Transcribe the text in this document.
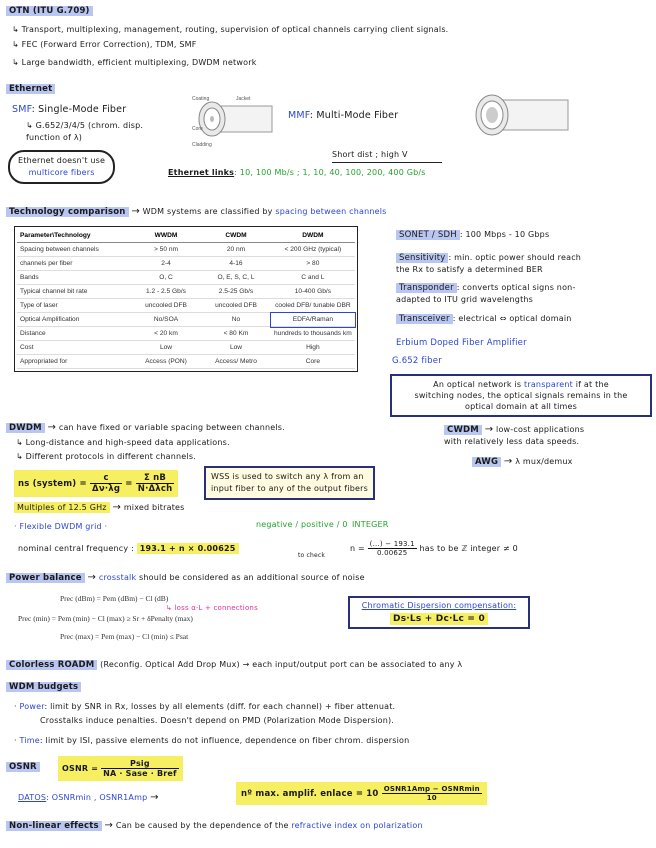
OTN (ITU G.709)
↳ Transport, multiplexing, management, routing, supervision of optical channels carrying client signals.
↳ FEC (Forward Error Correction), TDM, SMF
↳ Large bandwidth, efficient multiplexing, DWDM network
Ethernet
SMF: Single-Mode Fiber
↳ G.652/3/4/5 (chrom. disp. function of λ)
Jacket
Coating
Core
Cladding
MMF: Multi-Mode Fiber
Ethernet doesn't use
multicore fibers
Short dist ; high V
Ethernet links: 10, 100 Mb/s ; 1, 10, 40, 100, 200, 400 Gb/s
Technology comparison → WDM systems are classified by spacing between channels
Parameter\Technology	WWDM	CWDM	DWDM
Spacing between channels	> 50 nm	20 nm	< 200 GHz (typical)
channels per fiber	2-4	4-16	> 80
Bands	O, C	O, E, S, C, L	C and L
Typical channel bit rate	1.2 - 2.5 Gb/s	2.5-25 Gb/s	10-400 Gb/s
Type of laser	uncooled DFB	uncooled DFB	cooled DFB/ tunable DBR
Optical Amplification	No/SOA	No	EDFA/Raman
Distance	< 20 km	< 80 Km	hundreds to thousands km
Cost	Low	Low	High
Appropriated for	Access (PON)	Access/ Metro	Core
SONET / SDH : 100 Mbps - 10 Gbps
Sensitivity : min. optic power should reach
the Rx to satisfy a determined BER
Transponder : converts optical signs non-
adapted to ITU grid wavelengths
Transceiver : electrical ⇔ optical domain
Erbium Doped Fiber Amplifier
G.652 fiber
An optical network is transparent if at the
switching nodes, the optical signals remains in the
optical domain at all times
DWDM → can have fixed or variable spacing between channels.
↳ Long-distance and high-speed data applications.
↳ Different protocols in different channels.
CWDM → low-cost applications
with relatively less data speeds.
AWG → λ mux/demux
ns (system) = $\frac{c}{\Delta\nu\cdot\lambda g} = \frac{\text{Σ nB}}{\text{N·Δλch}}$	WSS is used to switch any λ from an
input fiber to any of the output fibers
Multiples of 12.5 GHz → mixed bitrates
· Flexible DWDM grid ·	negative / positive / 0 INTEGER
nominal central frequency : 193.1 + n × 0.00625
to check
$n = \frac{(...) - 193.1}{0.00625}$ has to be ℤ integer ≠ 0
Power balance → crosstalk should be considered as an additional source of noise
Prec (dBm) = Pem (dBm) − Cl (dB)
↳ loss α·L + connections
Prec (min) = Pem (min) − Cl (max) ≥ Sr + δPenalty (max)
Prec (max) = Pem (max) − Cl (min) ≤ Psat
Chromatic Dispersion compensation:
Ds·Ls + Dc·Lc = 0
Colorless ROADM (Reconfig. Optical Add Drop Mux) → each input/output port can be associated to any λ
WDM budgets
· Power: limit by SNR in Rx, losses by all elements (diff. for each channel) + fiber attenuat.
Crosstalks induce penalties. Doesn't depend on PMD (Polarization Mode Dispersion).
· Time: limit by ISI, passive elements do not influence, dependence on fiber chrom. dispersion
OSNR	OSNR = $\frac{\text{Psig}}{\text{NA · Sase · Bref}}$
DATOS: OSNRmin , OSNR1Amp →	nº max. amplif. enlace = $10 \frac{\text{OSNR1Amp − OSNRmin}}{10}$
Non-linear effects → Can be caused by the dependence of the refractive index on polarization
